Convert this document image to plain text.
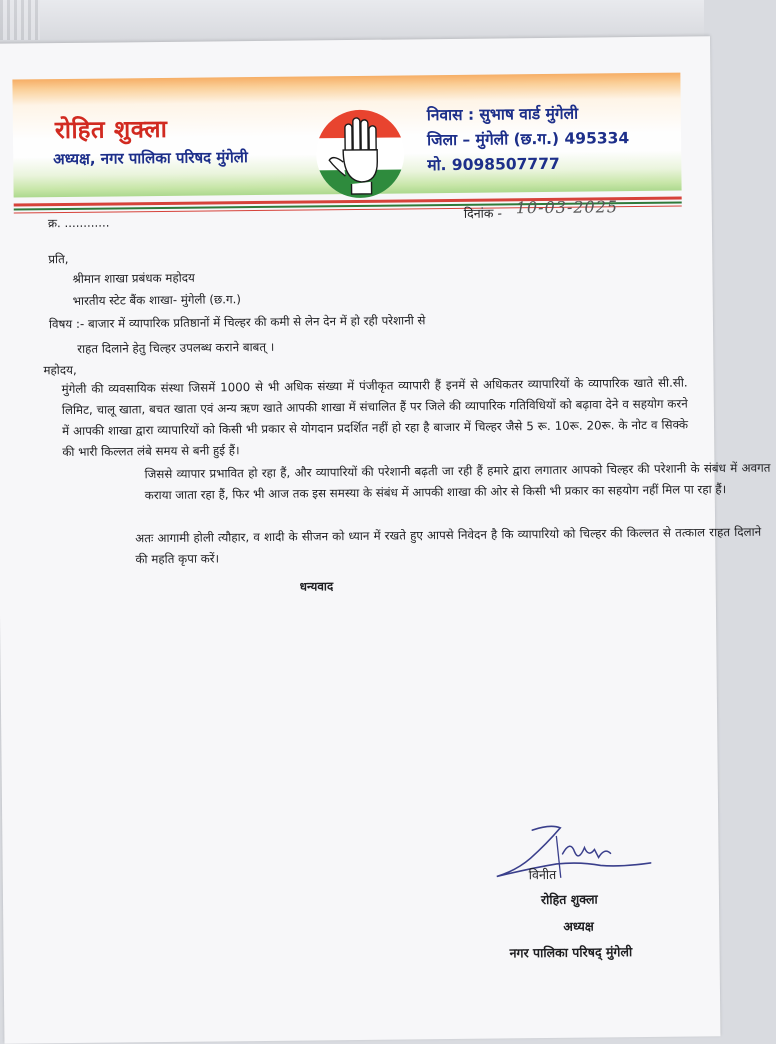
रोहित शुक्ला
अध्यक्ष, नगर पालिका परिषद मुंगेली
निवास : सुभाष वार्ड मुंगेली
जिला – मुंगेली (छ.ग.) 495334
मो. 9098507777
क्र. ............
दिनांक - 10-03-2025
प्रति,
श्रीमान शाखा प्रबंधक महोदय
भारतीय स्टेट बैंक शाखा- मुंगेली (छ.ग.)
विषय :- बाजार में व्यापारिक प्रतिष्ठानों में चिल्हर की कमी से लेन देन में हो रही परेशानी से
राहत दिलाने हेतु चिल्हर उपलब्ध कराने बाबत् ।
महोदय,
मुंगेली की व्यवसायिक संस्था जिसमें 1000 से भी अधिक संख्या में पंजीकृत व्यापारी हैं इनमें से अधिकतर व्यापारियों के व्यापारिक खाते सी.सी. लिमिट, चालू खाता, बचत खाता एवं अन्य ऋण खाते आपकी शाखा में संचालित हैं पर जिले की व्यापारिक गतिविधियों को बढ़ावा देने व सहयोग करने में आपकी शाखा द्वारा व्यापारियों को किसी भी प्रकार से योगदान प्रदर्शित नहीं हो रहा है बाजार में चिल्हर जैसे 5 रू. 10रू. 20रू. के नोट व सिक्के की भारी किल्लत लंबे समय से बनी हुई हैं।
जिससे व्यापार प्रभावित हो रहा हैं, और व्यापारियों की परेशानी बढ़ती जा रही हैं हमारे द्वारा लगातार आपको चिल्हर की परेशानी के संबंध में अवगत कराया जाता रहा हैं, फिर भी आज तक इस समस्या के संबंध में आपकी शाखा की ओर से किसी भी प्रकार का सहयोग नहीं मिल पा रहा हैं।
अतः आगामी होली त्यौहार, व शादी के सीजन को ध्यान में रखते हुए आपसे निवेदन है कि व्यापारियो को चिल्हर की किल्लत से तत्काल राहत दिलाने की महति कृपा करें।
धन्यवाद
विनीत
रोहित शुक्ला
अध्यक्ष
नगर पालिका परिषद् मुंगेली
